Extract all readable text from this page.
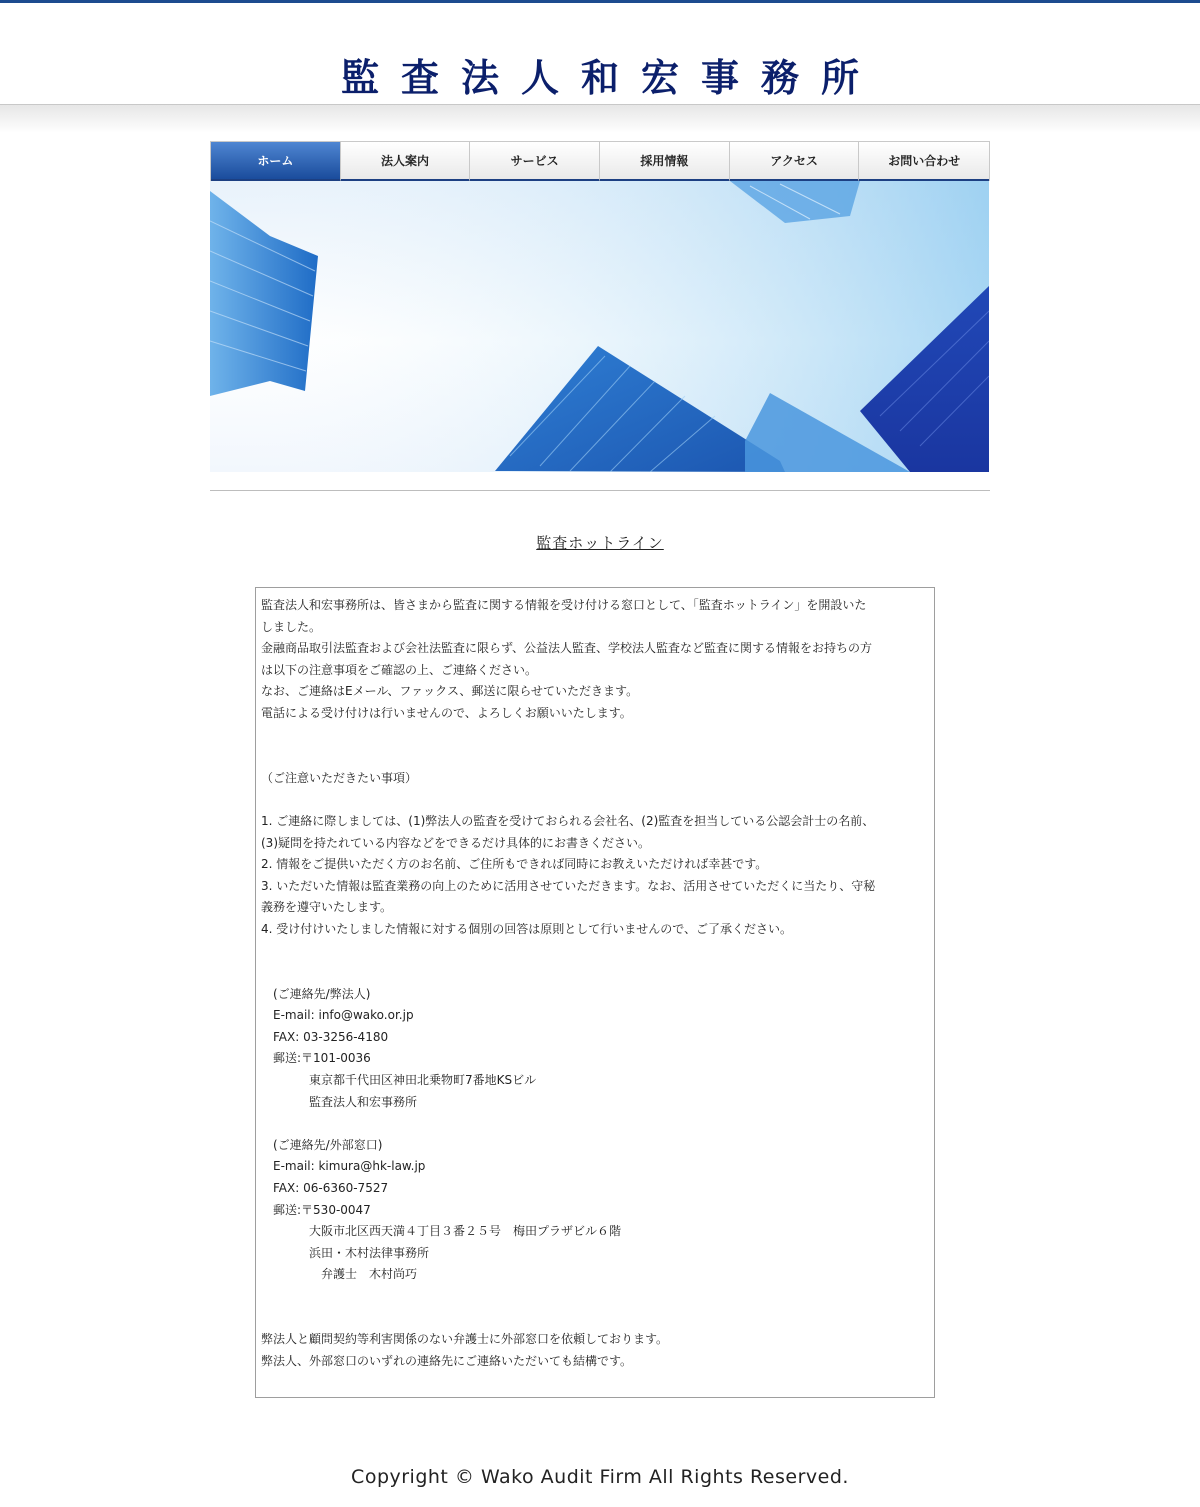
監査法人和宏事務所
ホーム	法人案内	サービス	採用情報	アクセス	お問い合わせ
監査ホットライン
監査法人和宏事務所は、皆さまから監査に関する情報を受け付ける窓口として、「監査ホットライン」を開設いた
しました。
金融商品取引法監査および会社法監査に限らず、公益法人監査、学校法人監査など監査に関する情報をお持ちの方
は以下の注意事項をご確認の上、ご連絡ください。
なお、ご連絡はEメール、ファックス、郵送に限らせていただきます。
電話による受け付けは行いませんので、よろしくお願いいたします。
（ご注意いただきたい事項）
1. ご連絡に際しましては、(1)弊法人の監査を受けておられる会社名、(2)監査を担当している公認会計士の名前、
(3)疑問を持たれている内容などをできるだけ具体的にお書きください。
2. 情報をご提供いただく方のお名前、ご住所もできれば同時にお教えいただければ幸甚です。
3. いただいた情報は監査業務の向上のために活用させていただきます。なお、活用させていただくに当たり、守秘
義務を遵守いたします。
4. 受け付けいたしました情報に対する個別の回答は原則として行いませんので、ご了承ください。
　(ご連絡先/弊法人)
　E-mail: info@wako.or.jp
　FAX: 03-3256-4180
　郵送:〒101-0036
　　　　東京都千代田区神田北乗物町7番地KSビル
　　　　監査法人和宏事務所
　(ご連絡先/外部窓口)
　E-mail: kimura@hk-law.jp
　FAX: 06-6360-7527
　郵送:〒530-0047
　　　　大阪市北区西天満４丁目３番２５号　梅田プラザビル６階
　　　　浜田・木村法律事務所
　　　　　弁護士　木村尚巧
弊法人と顧問契約等利害関係のない弁護士に外部窓口を依頼しております。
弊法人、外部窓口のいずれの連絡先にご連絡いただいても結構です。
Copyright © Wako Audit Firm All Rights Reserved.
